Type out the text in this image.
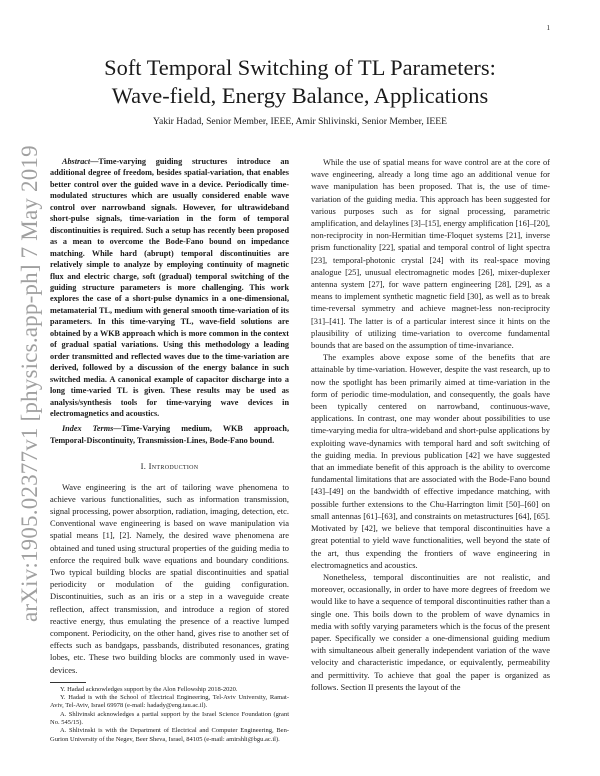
1
arXiv:1905.02377v1 [physics.app-ph] 7 May 2019
Soft Temporal Switching of TL Parameters:
Wave-field, Energy Balance, Applications
Yakir Hadad, Senior Member, IEEE, Amir Shlivinski, Senior Member, IEEE
Abstract—Time-varying guiding structures introduce an additional degree of freedom, besides spatial-variation, that enables better control over the guided wave in a device. Periodically time-modulated structures which are usually considered enable wave control over narrowband signals. However, for ultrawideband short-pulse signals, time-variation in the form of temporal discontinuities is required. Such a setup has recently been proposed as a mean to overcome the Bode-Fano bound on impedance matching. While hard (abrupt) temporal discontinuities are relatively simple to analyze by employing continuity of magnetic flux and electric charge, soft (gradual) temporal switching of the guiding structure parameters is more challenging. This work explores the case of a short-pulse dynamics in a one-dimensional, metamaterial TL, medium with general smooth time-variation of its parameters. In this time-varying TL, wave-field solutions are obtained by a WKB approach which is more common in the context of gradual spatial variations. Using this methodology a leading order transmitted and reflected waves due to the time-variation are derived, followed by a discussion of the energy balance in such switched media. A canonical example of capacitor discharge into a long time-varied TL is given. These results may be used as analysis/synthesis tools for time-varying wave devices in electromagnetics and acoustics.
Index Terms—Time-Varying medium, WKB approach, Temporal-Discontinuity, Transmission-Lines, Bode-Fano bound.
I. Introduction

Wave engineering is the art of tailoring wave phenomena to achieve various functionalities, such as information transmission, signal processing, power absorption, radiation, imaging, detection, etc. Conventional wave engineering is based on wave manipulation via spatial means [1], [2]. Namely, the desired wave phenomena are obtained and tuned using structural properties of the guiding media to enforce the required bulk wave equations and boundary conditions. Two typical building blocks are spatial discontinuities and spatial periodicity or modulation of the guiding configuration. Discontinuities, such as an iris or a step in a waveguide create reflection, affect transmission, and introduce a region of stored reactive energy, thus emulating the presence of a reactive lumped component. Periodicity, on the other hand, gives rise to another set of effects such as bandgaps, passbands, distributed resonances, grating lobes, etc. These two building blocks are commonly used in wave-devices.

Y. Hadad acknowledges support by the Alon Fellowship 2018-2020.

Y. Hadad is with the School of Electrical Engineering, Tel-Aviv University, Ramat-Aviv, Tel-Aviv, Israel 69978 (e-mail: hadady@eng.tau.ac.il).

A. Shlivinski acknowledges a partial support by the Israel Science Foundation (grant No. 545/15).

A. Shlivinski is with the Department of Electrical and Computer Engineering, Ben-Gurion University of the Negev, Beer Sheva, Israel, 84105 (e-mail: amirshli@bgu.ac.il).

While the use of spatial means for wave control are at the core of wave engineering, already a long time ago an additional venue for wave manipulation has been proposed. That is, the use of time-variation of the guiding media. This approach has been suggested for various purposes such as for signal processing, parametric amplification, and delaylines [3]–[15], energy amplification [16]–[20], non-reciprocity in non-Hermitian time-Floquet systems [21], inverse prism functionality [22], spatial and temporal control of light spectra [23], temporal-photonic crystal [24] with its real-space moving analogue [25], unusual electromagnetic modes [26], mixer-duplexer antenna system [27], for wave pattern engineering [28], [29], as a means to implement synthetic magnetic field [30], as well as to break time-reversal symmetry and achieve magnet-less non-reciprocity [31]–[41]. The latter is of a particular interest since it hints on the plausibility of utilizing time-variation to overcome fundamental bounds that are based on the assumption of time-invariance.

The examples above expose some of the benefits that are attainable by time-variation. However, despite the vast research, up to now the spotlight has been primarily aimed at time-variation in the form of periodic time-modulation, and consequently, the goals have been typically centered on narrowband, continuous-wave, applications. In contrast, one may wonder about possibilities to use time-varying media for ultra-wideband and short-pulse applications by exploiting wave-dynamics with temporal hard and soft switching of the guiding media. In previous publication [42] we have suggested that an immediate benefit of this approach is the ability to overcome fundamental limitations that are associated with the Bode-Fano bound [43]–[49] on the bandwidth of effective impedance matching, with possible further extensions to the Chu-Harrington limit [50]–[60] on small antennas [61]–[63], and constraints on metastructures [64], [65]. Motivated by [42], we believe that temporal discontinuities have a great potential to yield wave functionalities, well beyond the state of the art, thus expending the frontiers of wave engineering in electromagnetics and acoustics.

Nonetheless, temporal discontinuities are not realistic, and moreover, occasionally, in order to have more degrees of freedom we would like to have a sequence of temporal discontinuities rather than a single one. This boils down to the problem of wave dynamics in media with softly varying parameters which is the focus of the present paper. Specifically we consider a one-dimensional guiding medium with simultaneous albeit generally independent variation of the wave velocity and characteristic impedance, or equivalently, permeability and permittivity. To achieve that goal the paper is organized as follows. Section II presents the layout of the
